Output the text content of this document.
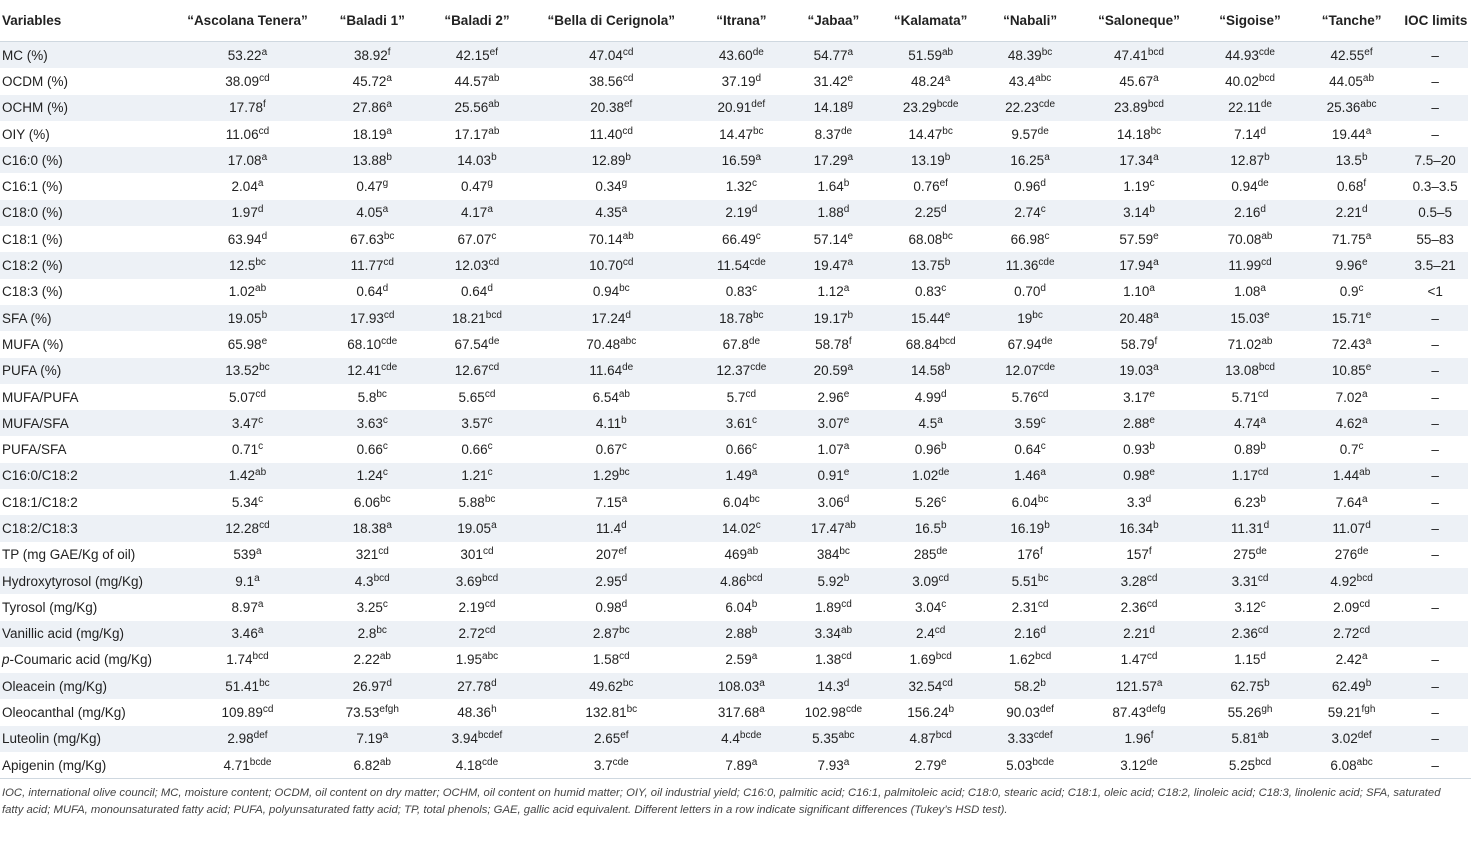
Variables	“Ascolana Tenera”	“Baladi 1”	“Baladi 2”	“Bella di Cerignola”	“Itrana”	“Jabaa”	“Kalamata”	“Nabali”	“Saloneque”	“Sigoise”	“Tanche”	IOC limits
MC (%)	53.22$^a$	38.92$^f$	42.15$^{ef}$	47.04$^{cd}$	43.60de	54.77$^a$	51.59$^{ab}$	48.39$^{bc}$	47.41$^{bcd}$	44.93$^{cde}$	42.55$^{ef}$	–
OCDM (%)	38.09$^{cd}$	45.72$^a$	44.57$^{ab}$	38.56$^{cd}$	37.19$^d$	31.42e	48.24$^a$	43.4$^{abc}$	45.67$^a$	40.02$^{bcd}$	44.05$^{ab}$	–
OCHM (%)	17.78$^f$	27.86$^a$	25.56$^{ab}$	20.38$^{ef}$	20.91$^{def}$	14.18$^g$	$23.29^{bcde}$	22.23$^{cde}$	23.89$^{bcd}$	22.11de	25.36$^{abc}$	–
OIY (%)	11.06$^{cd}$	18.19$^a$	17.17$^{ab}$	11.40$^{cd}$	14.47$^{bc}$	8.37de	14.47$^{bc}$	9.57de	14.18$^{bc}$	7.14$^d$	19.44$^a$	–
C16:0 (%)	17.08$^a$	13.88$^b$	14.03$^b$	12.89$^b$	16.59$^a$	17.29$^a$	13.19$^b$	16.25$^a$	17.34$^a$	12.87$^b$	13.5$^b$	7.5–20
C16:1 (%)	2.04$^a$	0.47$^g$	0.47$^g$	0.34$^g$	1.32$^c$	1.64$^b$	0.76$^{ef}$	0.96$^d$	1.19$^c$	0.94de	0.68$^f$	0.3–3.5
C18:0 (%)	1.97$^d$	4.05$^a$	4.17$^a$	4.35$^a$	2.19$^d$	1.88$^d$	2.25$^d$	2.74$^c$	3.14$^b$	2.16$^d$	2.21$^d$	0.5–5
C18:1 (%)	63.94$^d$	67.63$^{bc}$	67.07$^c$	70.14$^{ab}$	66.49$^c$	57.14e	68.08$^{bc}$	66.98$^c$	57.59e	70.08$^{ab}$	71.75$^a$	55–83
C18:2 (%)	12.5$^{bc}$	11.77$^{cd}$	12.03$^{cd}$	10.70$^{cd}$	11.54$^{cde}$	19.47$^a$	13.75$^b$	11.36$^{cde}$	17.94$^a$	11.99$^{cd}$	9.96e	3.5–21
C18:3 (%)	1.02$^{ab}$	0.64$^d$	0.64$^d$	0.94$^{bc}$	0.83$^c$	1.12$^a$	0.83$^c$	0.70$^d$	1.10$^a$	1.08$^a$	0.9$^c$	<1
SFA (%)	19.05$^b$	17.93$^{cd}$	18.21$^{bcd}$	17.24$^d$	18.78$^{bc}$	19.17$^b$	15.44e	$19^{bc}$	20.48$^a$	15.03e	15.71e	–
MUFA (%)	65.98e	68.10$^{cde}$	67.54de	70.48$^{abc}$	67.8de	58.78$^f$	68.84$^{bcd}$	67.94de	58.79$^f$	71.02$^{ab}$	72.43$^a$	–
PUFA (%)	13.52$^{bc}$	12.41$^{cde}$	12.67$^{cd}$	11.64de	12.37$^{cde}$	20.59$^a$	14.58$^b$	12.07$^{cde}$	19.03$^a$	13.08$^{bcd}$	10.85e	–
MUFA/PUFA	5.07$^{cd}$	5.8$^{bc}$	5.65$^{cd}$	6.54$^{ab}$	5.7$^{cd}$	2.96e	4.99$^d$	5.76$^{cd}$	3.17e	5.71$^{cd}$	7.02$^a$	–
MUFA/SFA	3.47$^c$	3.63$^c$	3.57$^c$	4.11$^b$	3.61$^c$	3.07e	4.5$^a$	3.59$^c$	2.88e	4.74$^a$	4.62$^a$	–
PUFA/SFA	0.71$^c$	0.66$^c$	0.66$^c$	0.67$^c$	0.66$^c$	1.07$^a$	0.96$^b$	0.64$^c$	0.93$^b$	0.89$^b$	0.7$^c$	–
C16:0/C18:2	1.42$^{ab}$	1.24$^c$	1.21$^c$	1.29$^{bc}$	1.49$^a$	0.91e	1.02de	1.46$^a$	0.98e	1.17$^{cd}$	1.44$^{ab}$	–
C18:1/C18:2	5.34$^c$	6.06$^{bc}$	5.88$^{bc}$	7.15$^a$	6.04$^{bc}$	3.06$^d$	5.26$^c$	6.04$^{bc}$	3.3$^d$	6.23$^b$	7.64$^a$	–
C18:2/C18:3	12.28$^{cd}$	18.38$^a$	19.05$^a$	11.4$^d$	14.02$^c$	17.47$^{ab}$	16.5$^b$	16.19$^b$	16.34$^b$	11.31$^d$	11.07$^d$	–
TP (mg GAE/Kg of oil)	539$^a$	$321^{cd}$	$301^{cd}$	$207^{ef}$	$469^{ab}$	$384^{bc}$	285de	176$^f$	157$^f$	275de	276de	–
Hydroxytyrosol (mg/Kg)	9.1$^a$	4.3$^{bcd}$	3.69$^{bcd}$	2.95$^d$	4.86$^{bcd}$	5.92$^b$	3.09$^{cd}$	5.51$^{bc}$	3.28$^{cd}$	3.31$^{cd}$	4.92$^{bcd}$	
Tyrosol (mg/Kg)	8.97$^a$	3.25$^c$	2.19$^{cd}$	0.98$^d$	6.04$^b$	1.89$^{cd}$	3.04$^c$	2.31$^{cd}$	2.36$^{cd}$	3.12$^c$	2.09$^{cd}$	–
Vanillic acid (mg/Kg)	3.46$^a$	2.8$^{bc}$	2.72$^{cd}$	2.87$^{bc}$	2.88$^b$	3.34$^{ab}$	2.4$^{cd}$	2.16$^d$	2.21$^d$	2.36$^{cd}$	2.72$^{cd}$	
p-Coumaric acid (mg/Kg)	1.74$^{bcd}$	2.22$^{ab}$	1.95$^{abc}$	1.58$^{cd}$	2.59$^a$	1.38$^{cd}$	1.69$^{bcd}$	1.62$^{bcd}$	1.47$^{cd}$	1.15$^d$	2.42$^a$	–
Oleacein (mg/Kg)	51.41$^{bc}$	26.97$^d$	27.78$^d$	49.62$^{bc}$	108.03$^a$	14.3$^d$	32.54$^{cd}$	58.2$^b$	121.57$^a$	62.75$^b$	62.49$^b$	–
Oleocanthal (mg/Kg)	109.89$^{cd}$	$73.53^{efgh}$	48.36$^h$	132.81$^{bc}$	317.68$^a$	102.98$^{cde}$	156.24$^b$	90.03$^{def}$	$87.43^{defg}$	55.26$^{gh}$	59.21$^{fgh}$	–
Luteolin (mg/Kg)	2.98$^{def}$	7.19$^a$	$3.94^{bcdef}$	2.65$^{ef}$	$4.4^{bcde}$	5.35$^{abc}$	4.87$^{bcd}$	$3.33^{cdef}$	1.96$^f$	5.81$^{ab}$	3.02$^{def}$	–
Apigenin (mg/Kg)	$4.71^{bcde}$	6.82$^{ab}$	4.18$^{cde}$	3.7$^{cde}$	7.89$^a$	7.93$^a$	2.79e	$5.03^{bcde}$	3.12de	5.25$^{bcd}$	6.08$^{abc}$	–
IOC, international olive council; MC, moisture content; OCDM, oil content on dry matter; OCHM, oil content on humid matter; OIY, oil industrial yield; C16:0, palmitic acid; C16:1, palmitoleic acid; C18:0, stearic acid; C18:1, oleic acid; C18:2, linoleic acid; C18:3, linolenic acid; SFA, saturated fatty acid; MUFA, monounsaturated fatty acid; PUFA, polyunsaturated fatty acid; TP, total phenols; GAE, gallic acid equivalent. Different letters in a row indicate significant differences (Tukey’s HSD test).
